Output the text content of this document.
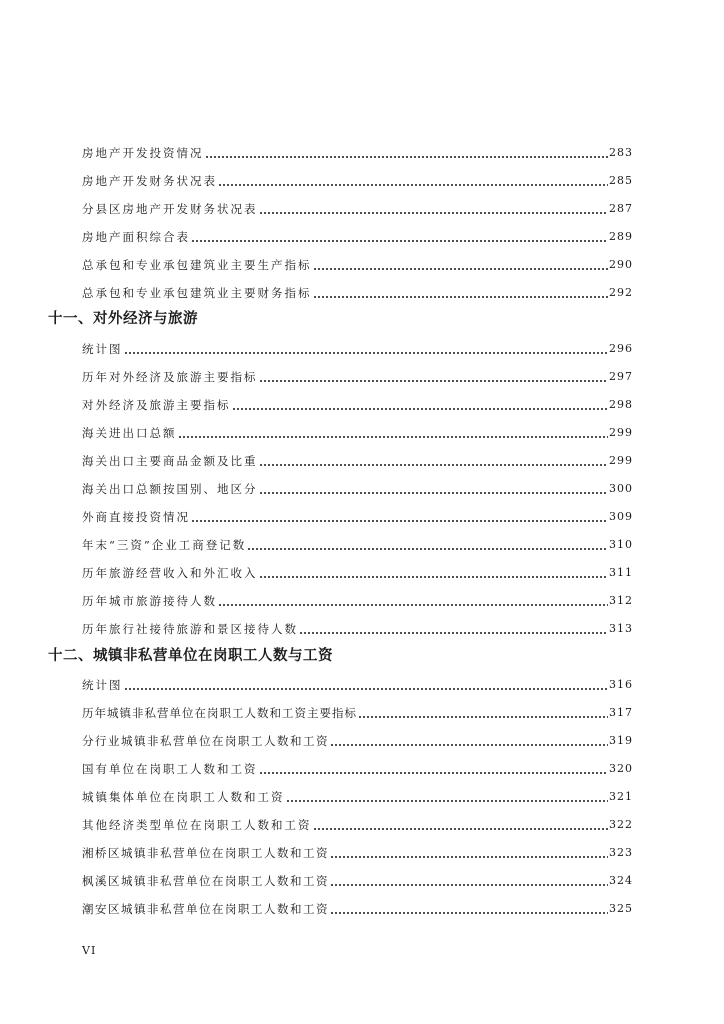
房地产开发投资情况	283
房地产开发财务状况表	285
分县区房地产开发财务状况表	287
房地产面积综合表	289
总承包和专业承包建筑业主要生产指标	290
总承包和专业承包建筑业主要财务指标	292
十一、对外经济与旅游
统计图	296
历年对外经济及旅游主要指标	297
对外经济及旅游主要指标	298
海关进出口总额	299
海关出口主要商品金额及比重	299
海关出口总额按国别、地区分	300
外商直接投资情况	309
年末“三资”企业工商登记数	310
历年旅游经营收入和外汇收入	311
历年城市旅游接待人数	312
历年旅行社接待旅游和景区接待人数	313
十二、城镇非私营单位在岗职工人数与工资
统计图	316
历年城镇非私营单位在岗职工人数和工资主要指标	317
分行业城镇非私营单位在岗职工人数和工资	319
国有单位在岗职工人数和工资	320
城镇集体单位在岗职工人数和工资	321
其他经济类型单位在岗职工人数和工资	322
湘桥区城镇非私营单位在岗职工人数和工资	323
枫溪区城镇非私营单位在岗职工人数和工资	324
潮安区城镇非私营单位在岗职工人数和工资	325
VI
